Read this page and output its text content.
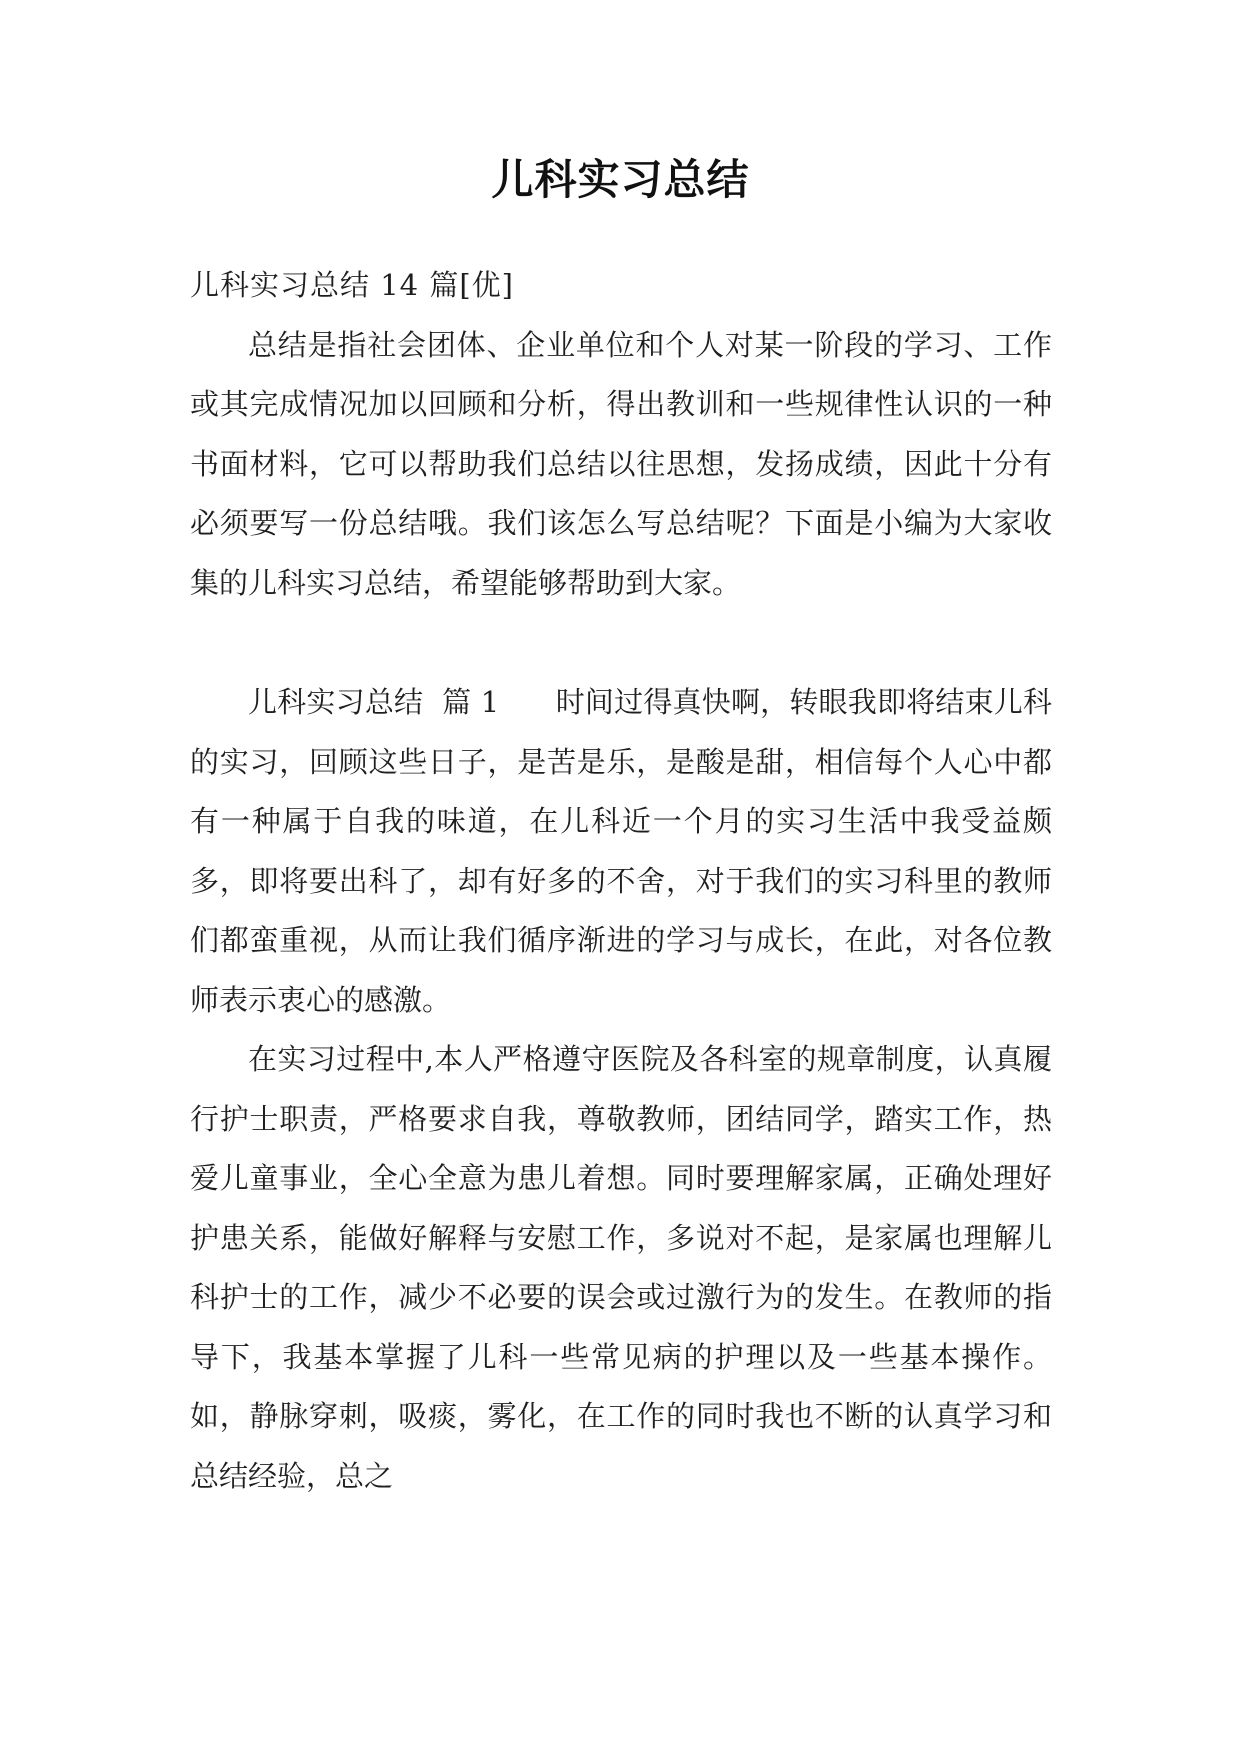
儿科实习总结

儿科实习总结 14 篇[优]

总结是指社会团体、企业单位和个人对某一阶段的学习、工作或其完成情况加以回顾和分析，得出教训和一些规律性认识的一种书面材料，它可以帮助我们总结以往思想，发扬成绩，因此十分有必须要写一份总结哦。我们该怎么写总结呢？下面是小编为大家收集的儿科实习总结，希望能够帮助到大家。

儿科实习总结  篇 1      时间过得真快啊，转眼我即将结束儿科的实习，回顾这些日子，是苦是乐，是酸是甜，相信每个人心中都有一种属于自我的味道，在儿科近一个月的实习生活中我受益颇多，即将要出科了，却有好多的不舍，对于我们的实习科里的教师们都蛮重视，从而让我们循序渐进的学习与成长，在此，对各位教师表示衷心的感激。

在实习过程中,本人严格遵守医院及各科室的规章制度，认真履行护士职责，严格要求自我，尊敬教师，团结同学，踏实工作，热爱儿童事业，全心全意为患儿着想。同时要理解家属，正确处理好护患关系，能做好解释与安慰工作，多说对不起，是家属也理解儿科护士的工作，减少不必要的误会或过激行为的发生。在教师的指导下，我基本掌握了儿科一些常见病的护理以及一些基本操作。如，静脉穿刺，吸痰，雾化，在工作的同时我也不断的认真学习和总结经验，总之
